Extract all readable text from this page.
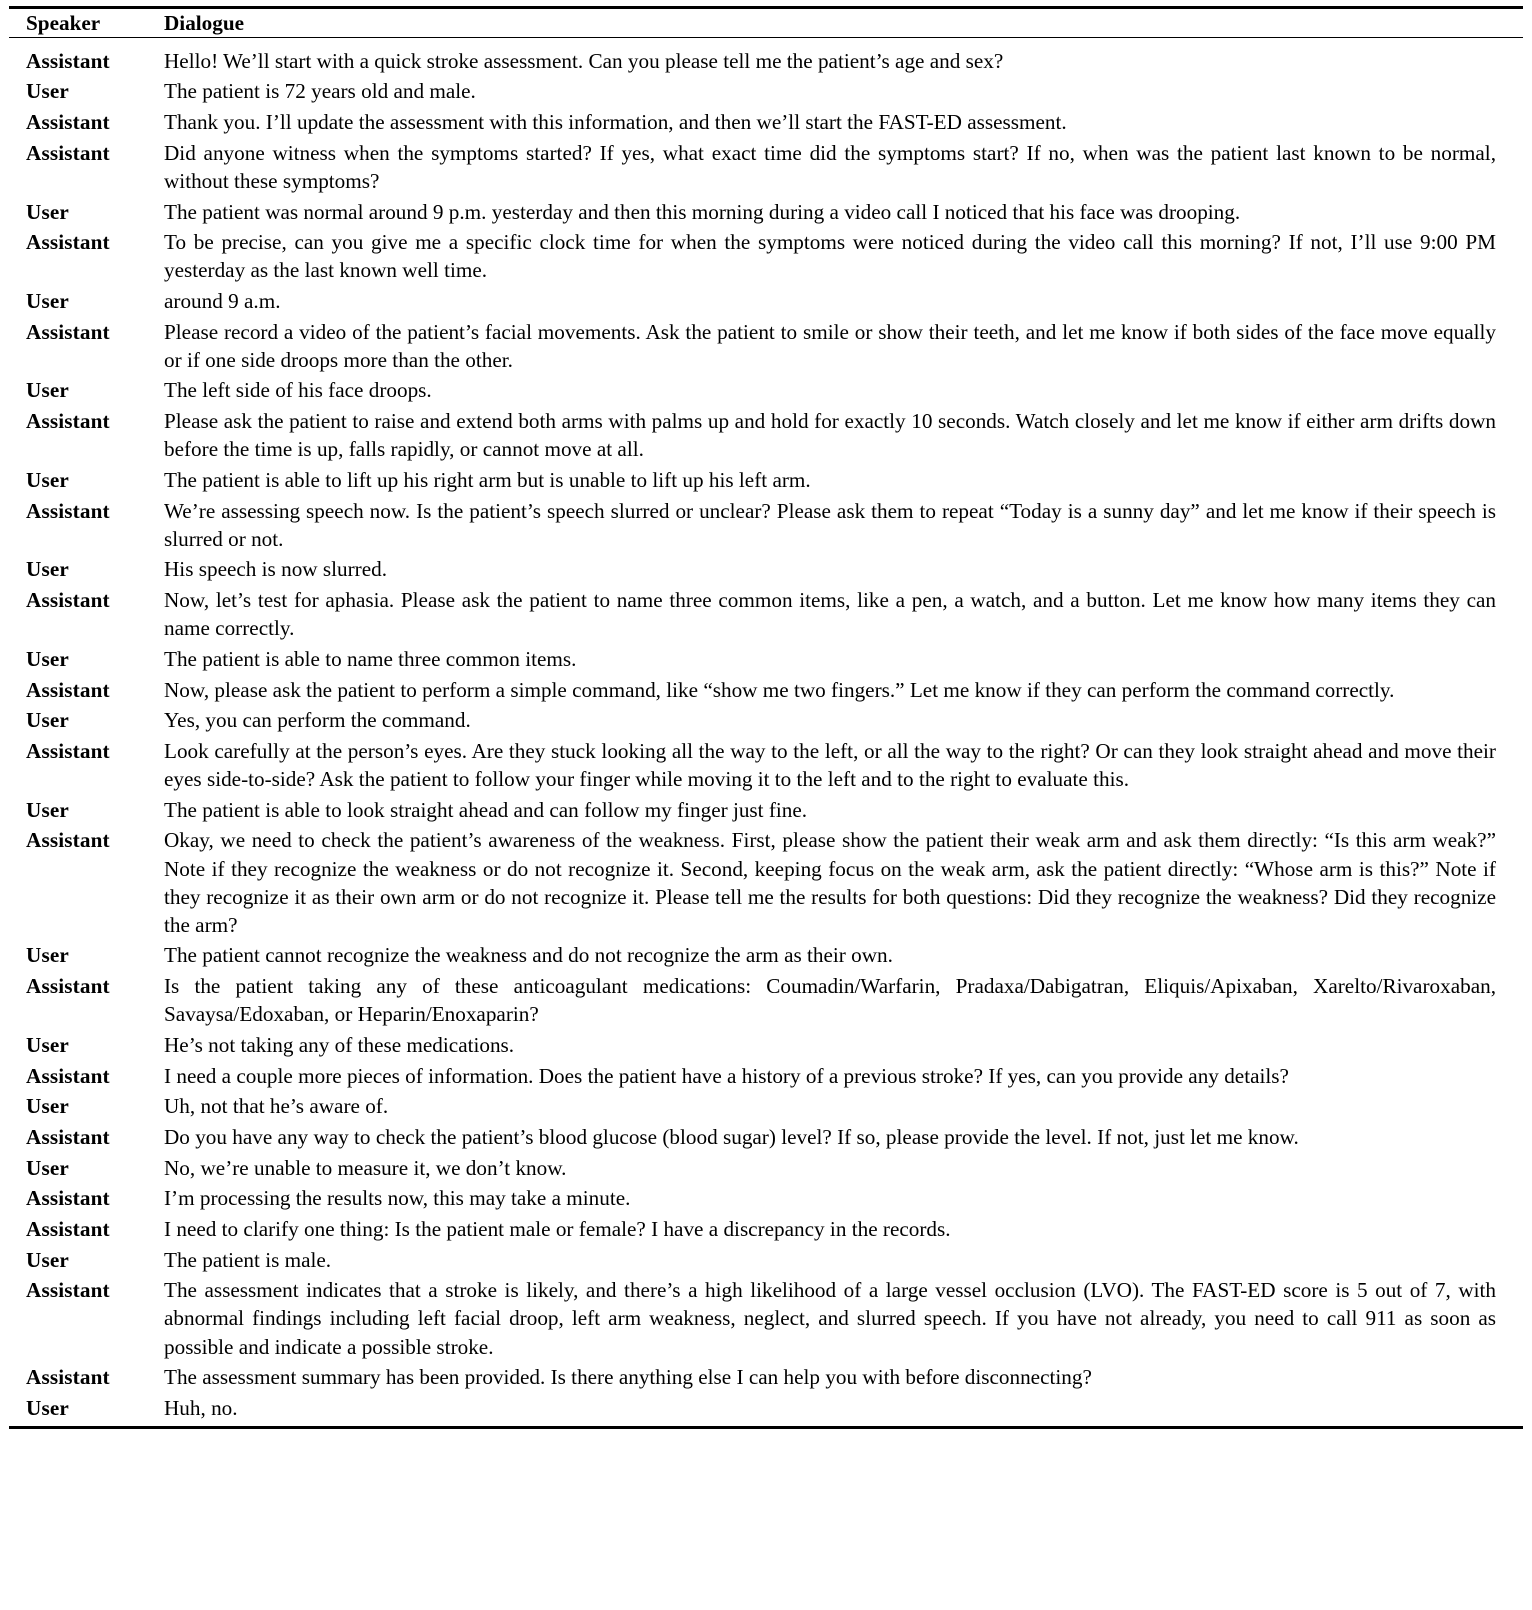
Speaker	Dialogue
Assistant	Hello! We’ll start with a quick stroke assessment. Can you please tell me the patient’s age and sex?
User	The patient is 72 years old and male.
Assistant	Thank you. I’ll update the assessment with this information, and then we’ll start the FAST-ED assessment.
Assistant	Did anyone witness when the symptoms started? If yes, what exact time did the symptoms start? If no, when was the patient last known to be normal, without these symptoms?
User	The patient was normal around 9 p.m. yesterday and then this morning during a video call I noticed that his face was drooping.
Assistant	To be precise, can you give me a specific clock time for when the symptoms were noticed during the video call this morning? If not, I’ll use 9:00 PM yesterday as the last known well time.
User	around 9 a.m.
Assistant	Please record a video of the patient’s facial movements. Ask the patient to smile or show their teeth, and let me know if both sides of the face move equally or if one side droops more than the other.
User	The left side of his face droops.
Assistant	Please ask the patient to raise and extend both arms with palms up and hold for exactly 10 seconds. Watch closely and let me know if either arm drifts down before the time is up, falls rapidly, or cannot move at all.
User	The patient is able to lift up his right arm but is unable to lift up his left arm.
Assistant	We’re assessing speech now. Is the patient’s speech slurred or unclear? Please ask them to repeat “Today is a sunny day” and let me know if their speech is slurred or not.
User	His speech is now slurred.
Assistant	Now, let’s test for aphasia. Please ask the patient to name three common items, like a pen, a watch, and a button. Let me know how many items they can name correctly.
User	The patient is able to name three common items.
Assistant	Now, please ask the patient to perform a simple command, like “show me two fingers.” Let me know if they can perform the command correctly.
User	Yes, you can perform the command.
Assistant	Look carefully at the person’s eyes. Are they stuck looking all the way to the left, or all the way to the right? Or can they look straight ahead and move their eyes side-to-side? Ask the patient to follow your finger while moving it to the left and to the right to evaluate this.
User	The patient is able to look straight ahead and can follow my finger just fine.
Assistant	Okay, we need to check the patient’s awareness of the weakness. First, please show the patient their weak arm and ask them directly: “Is this arm weak?” Note if they recognize the weakness or do not recognize it. Second, keeping focus on the weak arm, ask the patient directly: “Whose arm is this?” Note if they recognize it as their own arm or do not recognize it. Please tell me the results for both questions: Did they recognize the weakness? Did they recognize the arm?
User	The patient cannot recognize the weakness and do not recognize the arm as their own.
Assistant	Is the patient taking any of these anticoagulant medications: Coumadin/Warfarin, Pradaxa/Dabigatran, Eliquis/Apixaban, Xarelto/Rivaroxaban, Savaysa/Edoxaban, or Heparin/Enoxaparin?
User	He’s not taking any of these medications.
Assistant	I need a couple more pieces of information. Does the patient have a history of a previous stroke? If yes, can you provide any details?
User	Uh, not that he’s aware of.
Assistant	Do you have any way to check the patient’s blood glucose (blood sugar) level? If so, please provide the level. If not, just let me know.
User	No, we’re unable to measure it, we don’t know.
Assistant	I’m processing the results now, this may take a minute.
Assistant	I need to clarify one thing: Is the patient male or female? I have a discrepancy in the records.
User	The patient is male.
Assistant	The assessment indicates that a stroke is likely, and there’s a high likelihood of a large vessel occlusion (LVO). The FAST-ED score is 5 out of 7, with abnormal findings including left facial droop, left arm weakness, neglect, and slurred speech. If you have not already, you need to call 911 as soon as possible and indicate a possible stroke.
Assistant	The assessment summary has been provided. Is there anything else I can help you with before disconnecting?
User	Huh, no.
